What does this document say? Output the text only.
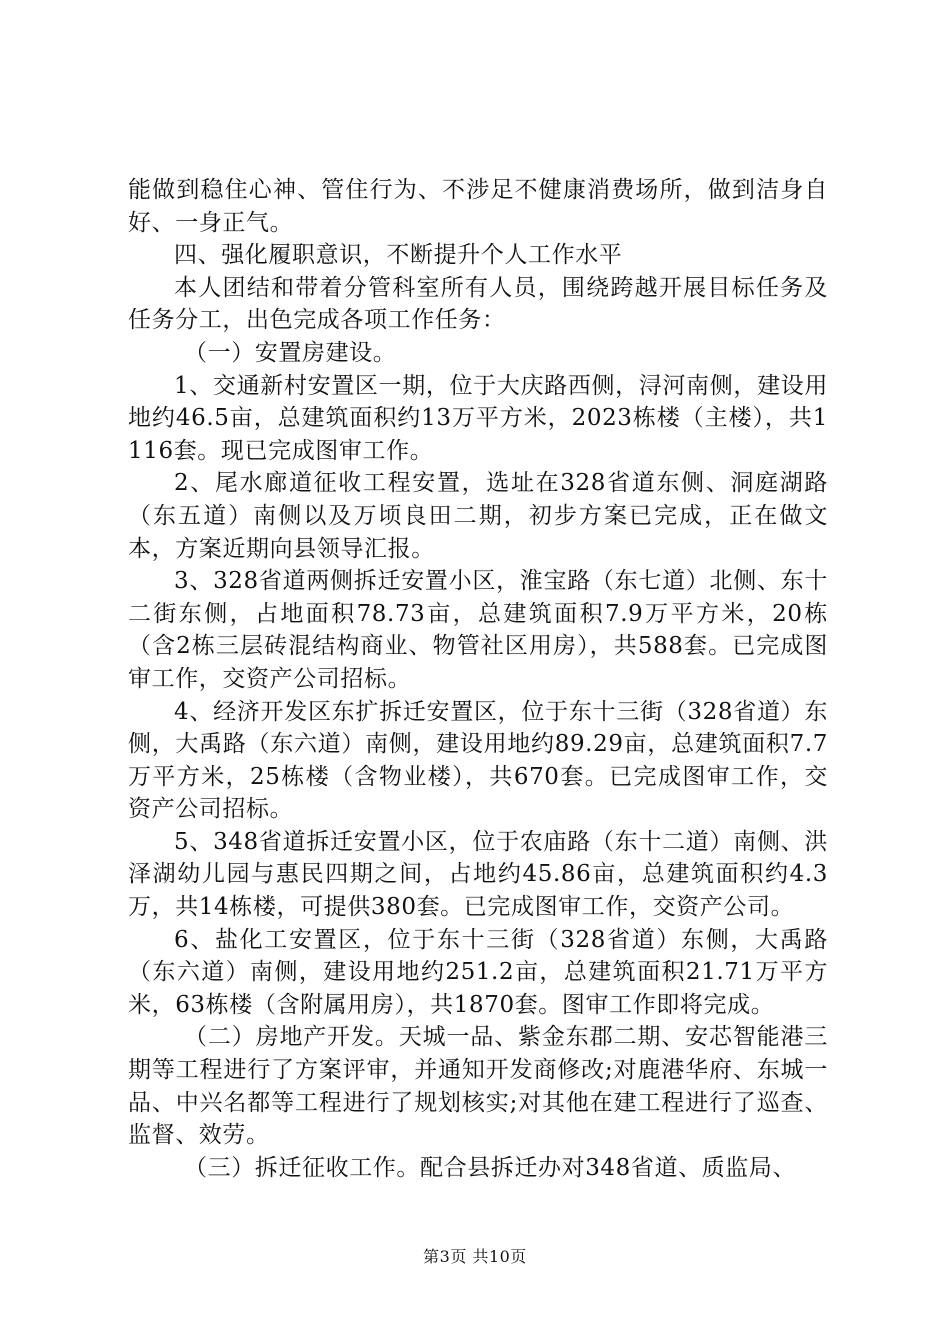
能做到稳住心神、管住行为、不涉足不健康消费场所，做到洁身自好、一身正气。

四、强化履职意识，不断提升个人工作水平

本人团结和带着分管科室所有人员，围绕跨越开展目标任务及任务分工，出色完成各项工作任务：

（一）安置房建设。

1、交通新村安置区一期，位于大庆路西侧，浔河南侧，建设用地约46.5亩，总建筑面积约13万平方米，2023栋楼（主楼），共1116套。现已完成图审工作。

2、尾水廊道征收工程安置，选址在328省道东侧、洞庭湖路（东五道）南侧以及万顷良田二期，初步方案已完成，正在做文本，方案近期向县领导汇报。

3、328省道两侧拆迁安置小区，淮宝路（东七道）北侧、东十二街东侧，占地面积78.73亩，总建筑面积7.9万平方米，20栋（含2栋三层砖混结构商业、物管社区用房），共588套。已完成图审工作，交资产公司招标。

4、经济开发区东扩拆迁安置区，位于东十三街（328省道）东侧，大禹路（东六道）南侧，建设用地约89.29亩，总建筑面积7.7万平方米，25栋楼（含物业楼），共670套。已完成图审工作，交资产公司招标。

5、348省道拆迁安置小区，位于农庙路（东十二道）南侧、洪泽湖幼儿园与惠民四期之间，占地约45.86亩，总建筑面积约4.3万，共14栋楼，可提供380套。已完成图审工作，交资产公司。

6、盐化工安置区，位于东十三街（328省道）东侧，大禹路（东六道）南侧，建设用地约251.2亩，总建筑面积21.71万平方米，63栋楼（含附属用房），共1870套。图审工作即将完成。

（二）房地产开发。天城一品、紫金东郡二期、安芯智能港三期等工程进行了方案评审，并通知开发商修改;对鹿港华府、东城一品、中兴名都等工程进行了规划核实;对其他在建工程进行了巡查、监督、效劳。

（三）拆迁征收工作。配合县拆迁办对348省道、质监局、

第3页 共10页
